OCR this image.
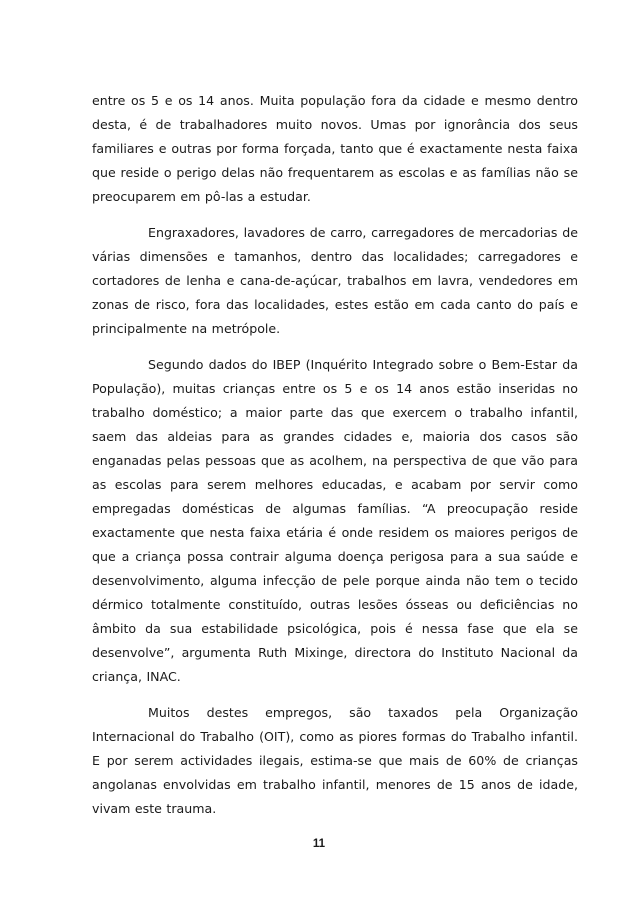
entre os 5 e os 14 anos. Muita população fora da cidade e mesmo dentro desta, é de trabalhadores muito novos. Umas por ignorância dos seus familiares e outras por forma forçada, tanto que é exactamente nesta faixa que reside o perigo delas não frequentarem as escolas e as famílias não se preocuparem em pô-las a estudar.

Engraxadores, lavadores de carro, carregadores de mercadorias de várias dimensões e tamanhos, dentro das localidades; carregadores e cortadores de lenha e cana-de-açúcar, trabalhos em lavra, vendedores em zonas de risco, fora das localidades, estes estão em cada canto do país e principalmente na metrópole.

Segundo dados do IBEP (Inquérito Integrado sobre o Bem-Estar da População), muitas crianças entre os 5 e os 14 anos estão inseridas no trabalho doméstico; a maior parte das que exercem o trabalho infantil, saem das aldeias para as grandes cidades e, maioria dos casos são enganadas pelas pessoas que as acolhem, na perspectiva de que vão para as escolas para serem melhores educadas, e acabam por servir como empregadas domésticas de algumas famílias. “A preocupação reside exactamente que nesta faixa etária é onde residem os maiores perigos de que a criança possa contrair alguma doença perigosa para a sua saúde e desenvolvimento, alguma infecção de pele porque ainda não tem o tecido dérmico totalmente constituído, outras lesões ósseas ou deficiências no âmbito da sua estabilidade psicológica, pois é nessa fase que ela se desenvolve”, argumenta Ruth Mixinge, directora do Instituto Nacional da criança, INAC.

Muitos destes empregos, são taxados pela Organização Internacional do Trabalho (OIT), como as piores formas do Trabalho infantil. E por serem actividades ilegais, estima-se que mais de 60% de crianças angolanas envolvidas em trabalho infantil, menores de 15 anos de idade, vivam este trauma.

11
